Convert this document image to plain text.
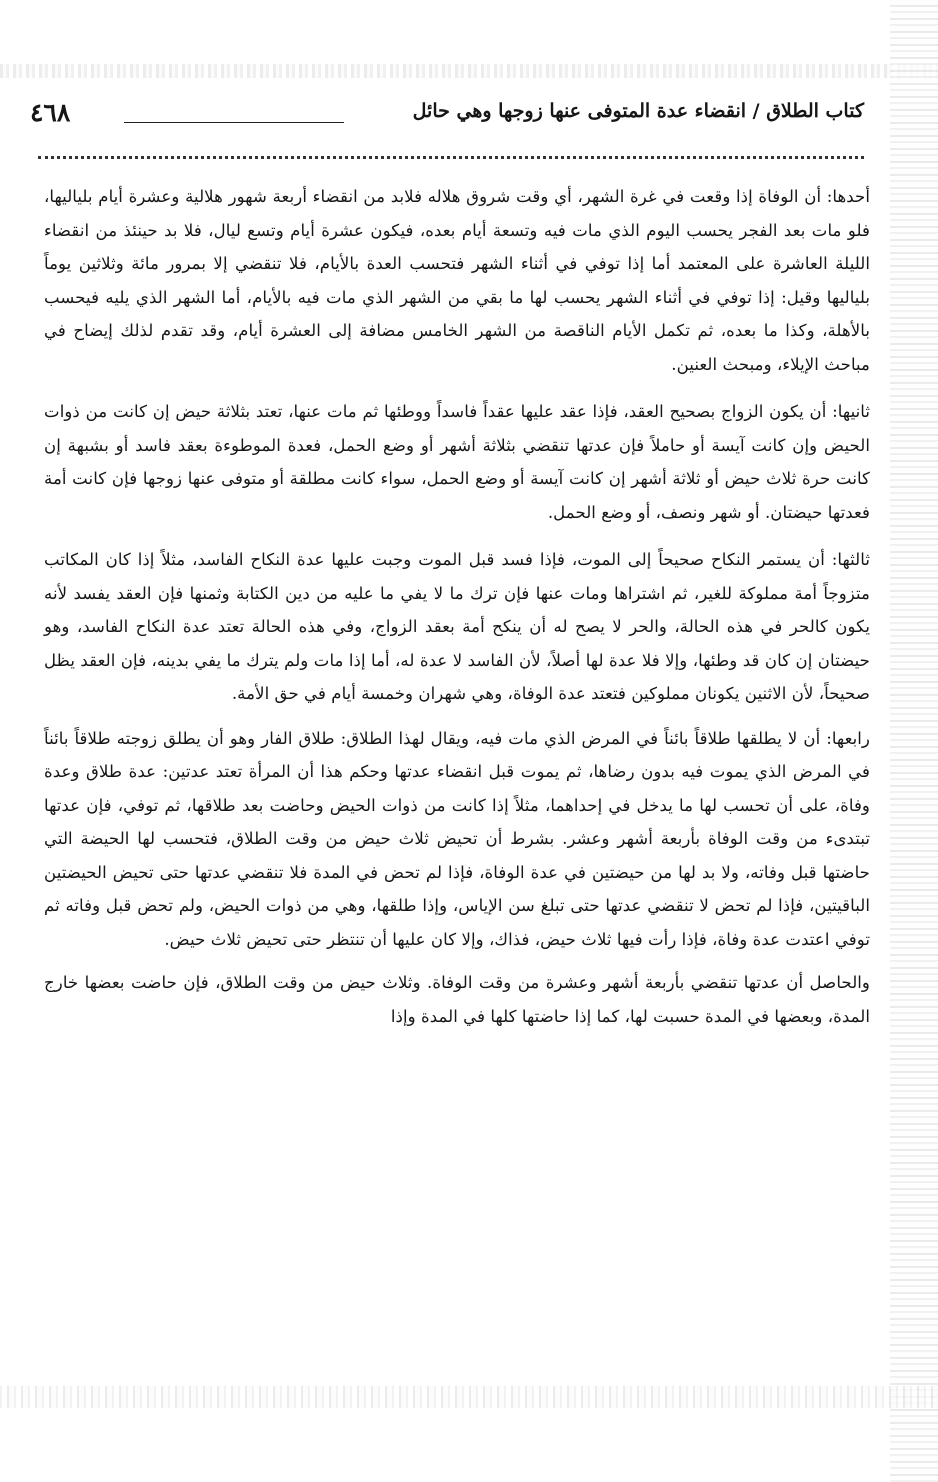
٤٦٨	كتاب الطلاق / انقضاء عدة المتوفى عنها زوجها وهي حائل

أحدها: أن الوفاة إذا وقعت في غرة الشهر، أي وقت شروق هلاله فلابد من انقضاء أربعة شهور هلالية وعشرة أيام بلياليها، فلو مات بعد الفجر يحسب اليوم الذي مات فيه وتسعة أيام بعده، فيكون عشرة أيام وتسع ليال، فلا بد حينئذ من انقضاء الليلة العاشرة على المعتمد أما إذا توفي في أثناء الشهر فتحسب العدة بالأيام، فلا تنقضي إلا بمرور مائة وثلاثين يوماً بلياليها وقيل: إذا توفي في أثناء الشهر يحسب لها ما بقي من الشهر الذي مات فيه بالأيام، أما الشهر الذي يليه فيحسب بالأهلة، وكذا ما بعده، ثم تكمل الأيام الناقصة من الشهر الخامس مضافة إلى العشرة أيام، وقد تقدم لذلك إيضاح في مباحث الإيلاء، ومبحث العنين.

ثانيها: أن يكون الزواج بصحيح العقد، فإذا عقد عليها عقداً فاسداً ووطئها ثم مات عنها، تعتد بثلاثة حيض إن كانت من ذوات الحيض وإن كانت آيسة أو حاملاً فإن عدتها تنقضي بثلاثة أشهر أو وضع الحمل، فعدة الموطوءة بعقد فاسد أو بشبهة إن كانت حرة ثلاث حيض أو ثلاثة أشهر إن كانت آيسة أو وضع الحمل، سواء كانت مطلقة أو متوفى عنها زوجها فإن كانت أمة فعدتها حيضتان. أو شهر ونصف، أو وضع الحمل.

ثالثها: أن يستمر النكاح صحيحاً إلى الموت، فإذا فسد قبل الموت وجبت عليها عدة النكاح الفاسد، مثلاً إذا كان المكاتب متزوجاً أمة مملوكة للغير، ثم اشتراها ومات عنها فإن ترك ما لا يفي ما عليه من دين الكتابة وثمنها فإن العقد يفسد لأنه يكون كالحر في هذه الحالة، والحر لا يصح له أن ينكح أمة بعقد الزواج، وفي هذه الحالة تعتد عدة النكاح الفاسد، وهو حيضتان إن كان قد وطئها، وإلا فلا عدة لها أصلاً، لأن الفاسد لا عدة له، أما إذا مات ولم يترك ما يفي بدينه، فإن العقد يظل صحيحاً، لأن الاثنين يكونان مملوكين فتعتد عدة الوفاة، وهي شهران وخمسة أيام في حق الأمة.

رابعها: أن لا يطلقها طلاقاً بائناً في المرض الذي مات فيه، ويقال لهذا الطلاق: طلاق الفار وهو أن يطلق زوجته طلاقاً بائناً في المرض الذي يموت فيه بدون رضاها، ثم يموت قبل انقضاء عدتها وحكم هذا أن المرأة تعتد عدتين: عدة طلاق وعدة وفاة، على أن تحسب لها ما يدخل في إحداهما، مثلاً إذا كانت من ذوات الحيض وحاضت بعد طلاقها، ثم توفي، فإن عدتها تبتدىء من وقت الوفاة بأربعة أشهر وعشر. بشرط أن تحيض ثلاث حيض من وقت الطلاق، فتحسب لها الحيضة التي حاضتها قبل وفاته، ولا بد لها من حيضتين في عدة الوفاة، فإذا لم تحض في المدة فلا تنقضي عدتها حتى تحيض الحيضتين الباقيتين، فإذا لم تحض لا تنقضي عدتها حتى تبلغ سن الإياس، وإذا طلقها، وهي من ذوات الحيض، ولم تحض قبل وفاته ثم توفي اعتدت عدة وفاة، فإذا رأت فيها ثلاث حيض، فذاك، وإلا كان عليها أن تنتظر حتى تحيض ثلاث حيض.

والحاصل أن عدتها تنقضي بأربعة أشهر وعشرة من وقت الوفاة. وثلاث حيض من وقت الطلاق، فإن حاضت بعضها خارج المدة، وبعضها في المدة حسبت لها، كما إذا حاضتها كلها في المدة وإذا
